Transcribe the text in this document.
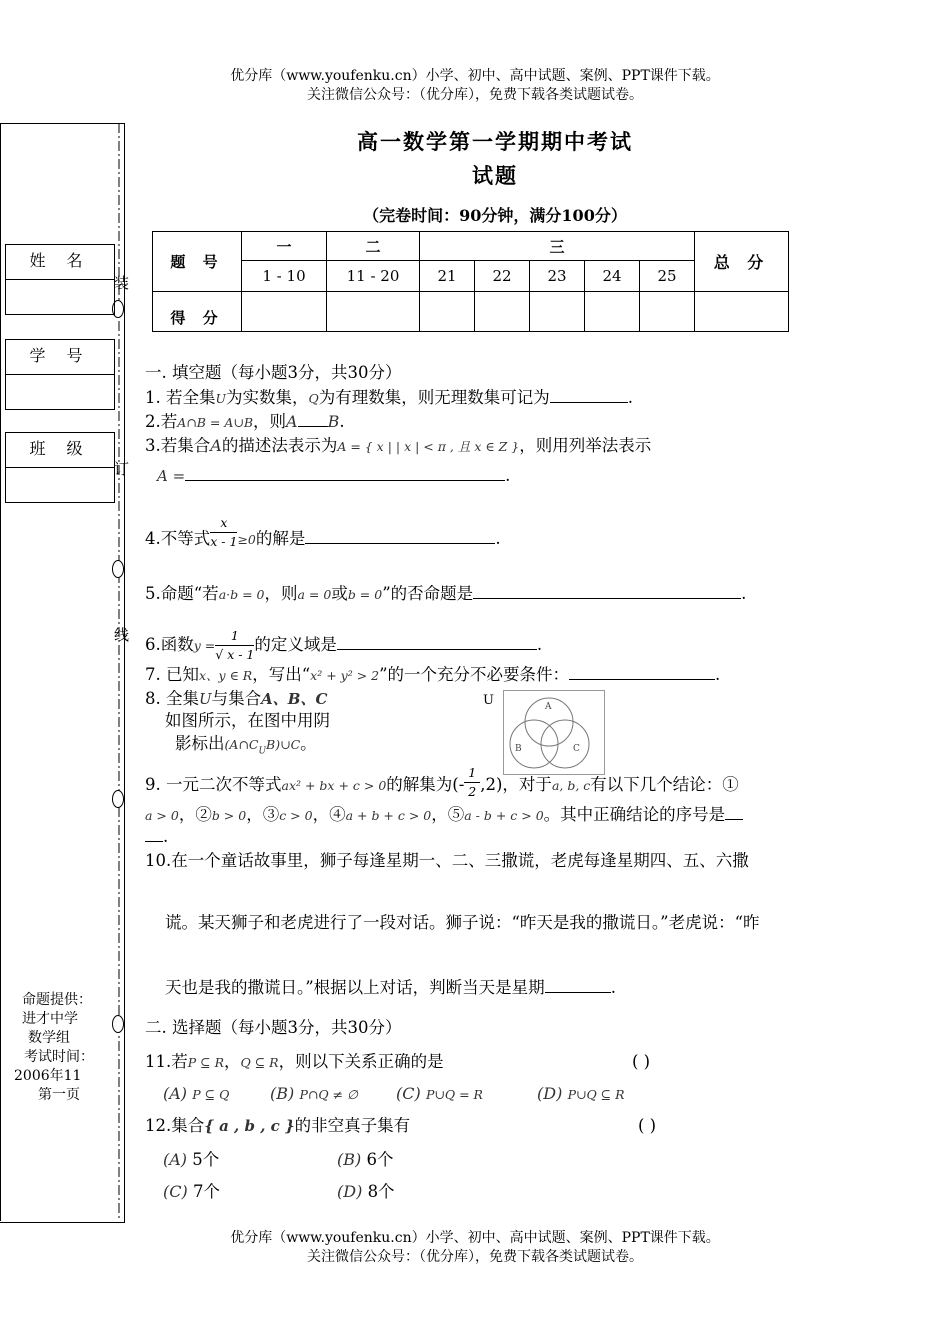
优分库（www.youfenku.cn）小学、初中、高中试题、案例、PPT课件下载。
关注微信公众号：（优分库），免费下载各类试题试卷。
装
订
线
姓 名
学 号
班 级
命题提供：
进才中学
数学组
考试时间：
2006年11
第一页
高一数学第一学期期中考试
试题
（完卷时间：90分钟，满分100分）
题 号	一	二	三					总 分
	1 - 10	11 - 20	21	22	23	24	25	
得 分								
一. 填空题（每小题3分，共30分）
1. 若全集U为实数集，Q为有理数集，则无理数集可记为	.
2.若A∩B = A∪B，则A B.
3.若集合A的描述法表示为A = { x | | x | < π , 且 x ∈ Z }，则用列举法表示
A =	.
4.不等式 $\frac{x}{x - 1} \ge 0$的解是	.
5.命题“若a·b = 0，则a = 0或b = 0”的否命题是	.
6.函数$y = \frac{1}{√ x - 1}$ 的定义域是	.
7. 已知x、y ∈ R，写出“x² + y² > 2”的一个充分不必要条件：	.
8. 全集U与集合A、B、C
如图所示，在图中用阴
影标出$(A\cap C_UB)\cup C$。
U	A
B	C
9. 一元二次不等式ax² + bx + c > 0的解集为(- $\frac{1}{2} ,2$)，对于a, b, c有以下几个结论：①
a > 0，②b > 0，③c > 0，④a + b + c > 0，⑤a - b + c > 0。其中正确结论的序号是
.
10.在一个童话故事里，狮子每逢星期一、二、三撒谎，老虎每逢星期四、五、六撒
谎。某天狮子和老虎进行了一段对话。狮子说：“昨天是我的撒谎日。”老虎说：“昨
天也是我的撒谎日。”根据以上对话，判断当天是星期	.
二. 选择题（每小题3分，共30分）
11.若P ⊆ R，Q ⊆ R，则以下关系正确的是	( )
(A) P ⊆ Q	(B) P∩Q ≠ ∅ (C) P∪Q = R	(D) P∪Q ⊆ R
12.集合{ a , b , c }的非空真子集有	( )
(A) 5个	(B) 6个
(C) 7个	(D) 8个
优分库（www.youfenku.cn）小学、初中、高中试题、案例、PPT课件下载。
关注微信公众号：（优分库），免费下载各类试题试卷。
